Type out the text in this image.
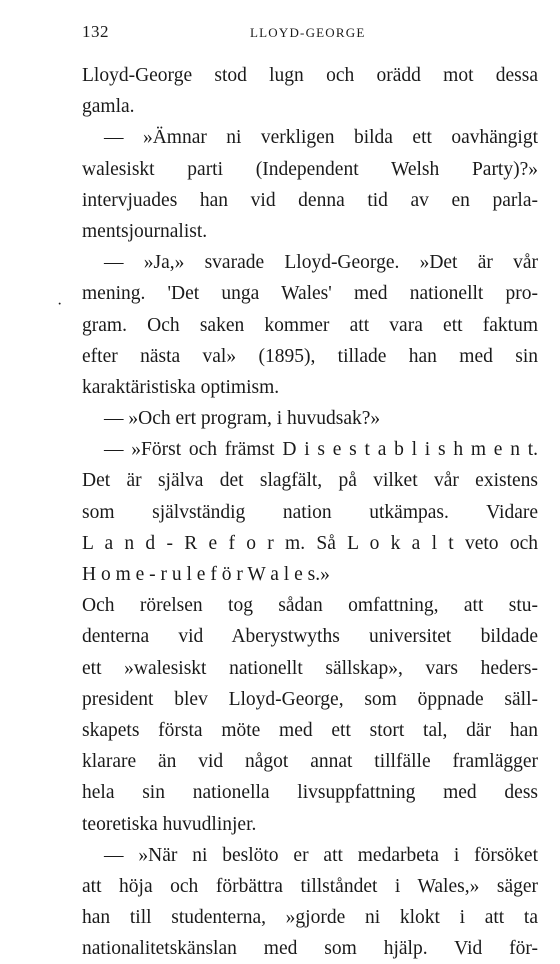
132	LLOYD-GEORGE
·
Lloyd-George stod lugn och orädd mot dessa
gamla.
— »Ämnar ni verkligen bilda ett oavhängigt
walesiskt parti (Independent Welsh Party)?»
intervjuades han vid denna tid av en parla-
mentsjournalist.
— »Ja,» svarade Lloyd-George. »Det är vår
mening. 'Det unga Wales' med nationellt pro-
gram. Och saken kommer att vara ett faktum
efter nästa val» (1895), tillade han med sin
karaktäristiska optimism.
— »Och ert program, i huvudsak?»
— »Först och främst D i s e s t a b l i s h m e n t.
Det är själva det slagfält, på vilket vår existens
som självständig nation utkämpas. Vidare
L a n d - R e f o r m. Så L o k a l t veto och
H o m e - r u l e f ö r W a l e s.»
Och rörelsen tog sådan omfattning, att stu-
denterna vid Aberystwyths universitet bildade
ett »walesiskt nationellt sällskap», vars heders-
president blev Lloyd-George, som öppnade säll-
skapets första möte med ett stort tal, där han
klarare än vid något annat tillfälle framlägger
hela sin nationella livsuppfattning med dess
teoretiska huvudlinjer.
— »När ni beslöto er att medarbeta i försöket
att höja och förbättra tillståndet i Wales,» säger
han till studenterna, »gjorde ni klokt i att ta
nationalitetskänslan med som hjälp. Vid för-
